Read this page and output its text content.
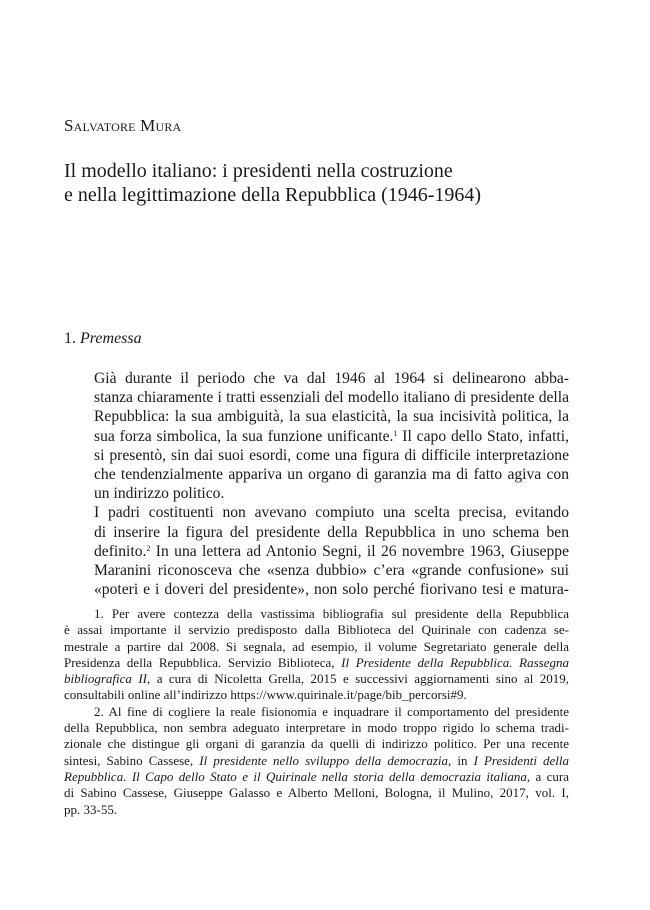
Salvatore Mura
Il modello italiano: i presidenti nella costruzione
e nella legittimazione della Repubblica (1946-1964)
1. Premessa

Già durante il periodo che va dal 1946 al 1964 si delinearono abba-
stanza chiaramente i tratti essenziali del modello italiano di presidente della
Repubblica: la sua ambiguità, la sua elasticità, la sua incisività politica, la
sua forza simbolica, la sua funzione unificante.$^1$ Il capo dello Stato, infatti,
si presentò, sin dai suoi esordi, come una figura di difficile interpretazione
che tendenzialmente appariva un organo di garanzia ma di fatto agiva con
un indirizzo politico.

I padri costituenti non avevano compiuto una scelta precisa, evitando
di inserire la figura del presidente della Repubblica in uno schema ben
definito.$^2$ In una lettera ad Antonio Segni, il 26 novembre 1963, Giuseppe
Maranini riconosceva che «senza dubbio» c’era «grande confusione» sui
«poteri e i doveri del presidente», non solo perché fiorivano tesi e matura-

1. Per avere contezza della vastissima bibliografia sul presidente della Repubblica
è assai importante il servizio predisposto dalla Biblioteca del Quirinale con cadenza se-
mestrale a partire dal 2008. Si segnala, ad esempio, il volume Segretariato generale della
Presidenza della Repubblica. Servizio Biblioteca, Il Presidente della Repubblica. Rassegna
bibliografica II, a cura di Nicoletta Grella, 2015 e successivi aggiornamenti sino al 2019,
consultabili online all’indirizzo https://www.quirinale.it/page/bib_percorsi#9.

2. Al fine di cogliere la reale fisionomia e inquadrare il comportamento del presidente
della Repubblica, non sembra adeguato interpretare in modo troppo rigido lo schema tradi-
zionale che distingue gli organi di garanzia da quelli di indirizzo politico. Per una recente
sintesi, Sabino Cassese, Il presidente nello sviluppo della democrazia, in I Presidenti della
Repubblica. Il Capo dello Stato e il Quirinale nella storia della democrazia italiana, a cura
di Sabino Cassese, Giuseppe Galasso e Alberto Melloni, Bologna, il Mulino, 2017, vol. I,
pp. 33-55.
